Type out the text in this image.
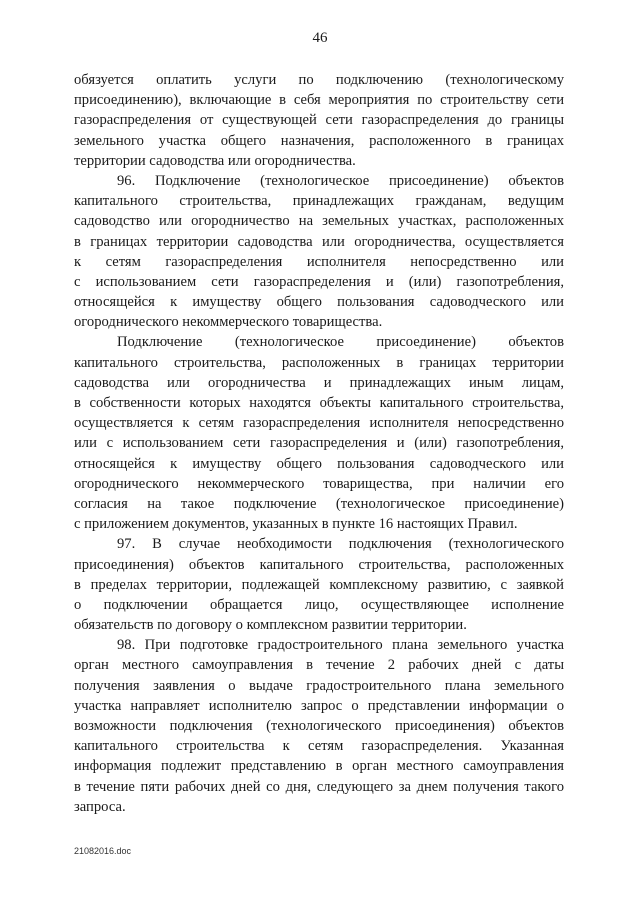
46
обязуется оплатить услуги по подключению (технологическому
присоединению), включающие в себя мероприятия по строительству сети
газораспределения от существующей сети газораспределения до границы
земельного участка общего назначения, расположенного в границах
территории садоводства или огородничества.
96. Подключение (технологическое присоединение) объектов
капитального строительства, принадлежащих гражданам, ведущим
садоводство или огородничество на земельных участках, расположенных
в границах территории садоводства или огородничества, осуществляется
к сетям газораспределения исполнителя непосредственно или
с использованием сети газораспределения и (или) газопотребления,
относящейся к имуществу общего пользования садоводческого или
огороднического некоммерческого товарищества.
Подключение (технологическое присоединение) объектов
капитального строительства, расположенных в границах территории
садоводства или огородничества и принадлежащих иным лицам,
в собственности которых находятся объекты капитального строительства,
осуществляется к сетям газораспределения исполнителя непосредственно
или с использованием сети газораспределения и (или) газопотребления,
относящейся к имуществу общего пользования садоводческого или
огороднического некоммерческого товарищества, при наличии его
согласия на такое подключение (технологическое присоединение)
с приложением документов, указанных в пункте 16 настоящих Правил.
97. В случае необходимости подключения (технологического
присоединения) объектов капитального строительства, расположенных
в пределах территории, подлежащей комплексному развитию, с заявкой
о подключении обращается лицо, осуществляющее исполнение
обязательств по договору о комплексном развитии территории.
98. При подготовке градостроительного плана земельного участка
орган местного самоуправления в течение 2 рабочих дней с даты
получения заявления о выдаче градостроительного плана земельного
участка направляет исполнителю запрос о представлении информации о
возможности подключения (технологического присоединения) объектов
капитального строительства к сетям газораспределения. Указанная
информация подлежит представлению в орган местного самоуправления
в течение пяти рабочих дней со дня, следующего за днем получения такого
запроса.
21082016.doc
